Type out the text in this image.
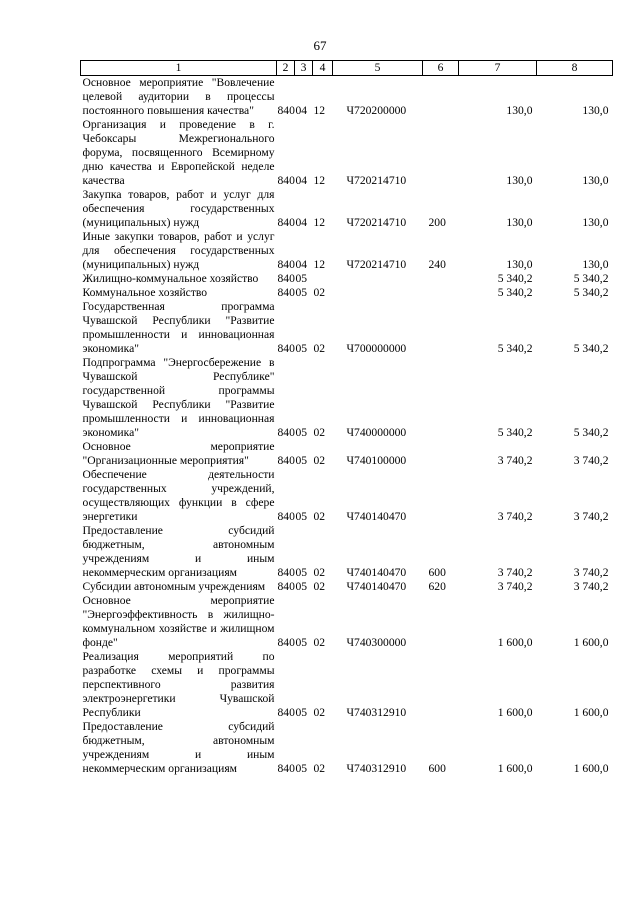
67
1	2	3	4	5	6	7	8
Основное мероприятие "Вовлечение целевой аудитории в процессы постоянного повышения качества"	840	04	12	Ч720200000		130,0	130,0
Организация и проведение в г. Чебоксары Межрегионального форума, посвященного Всемирному дню качества и Европейской неделе качества	840	04	12	Ч720214710		130,0	130,0
Закупка товаров, работ и услуг для обеспечения государственных (муниципальных) нужд	840	04	12	Ч720214710	200	130,0	130,0
Иные закупки товаров, работ и услуг для обеспечения государственных (муниципальных) нужд	840	04	12	Ч720214710	240	130,0	130,0
Жилищно-коммунальное хозяйство	840	05				5 340,2	5 340,2
Коммунальное хозяйство	840	05	02			5 340,2	5 340,2
Государственная программа Чувашской Республики "Развитие промышленности и инновационная экономика"	840	05	02	Ч700000000		5 340,2	5 340,2
Подпрограмма "Энергосбережение в Чувашской Республике" государственной программы Чувашской Республики "Развитие промышленности и инновационная экономика"	840	05	02	Ч740000000		5 340,2	5 340,2
Основное мероприятие "Организационные мероприятия"	840	05	02	Ч740100000		3 740,2	3 740,2
Обеспечение деятельности государственных учреждений, осуществляющих функции в сфере энергетики	840	05	02	Ч740140470		3 740,2	3 740,2
Предоставление субсидий бюджетным, автономным учреждениям и иным некоммерческим организациям	840	05	02	Ч740140470	600	3 740,2	3 740,2
Субсидии автономным учреждениям	840	05	02	Ч740140470	620	3 740,2	3 740,2
Основное мероприятие "Энергоэффективность в жилищно-коммунальном хозяйстве и жилищном фонде"	840	05	02	Ч740300000		1 600,0	1 600,0
Реализация мероприятий по разработке схемы и программы перспективного развития электроэнергетики Чувашской Республики	840	05	02	Ч740312910		1 600,0	1 600,0
Предоставление субсидий бюджетным, автономным учреждениям и иным некоммерческим организациям	840	05	02	Ч740312910	600	1 600,0	1 600,0
